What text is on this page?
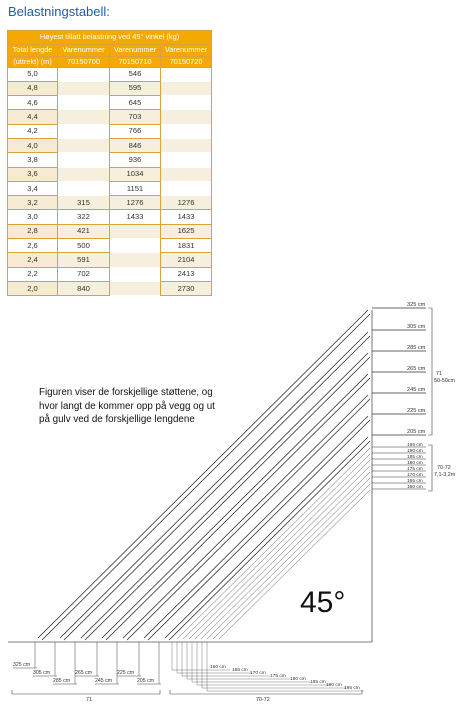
Belastningstabell:
Høyest tillatt belastning ved 45° vinkel (kg)			
Total lengde	Varenummer	Varenummer	Varenummer
(uttrekt) (m)	70150700	70150710	70150720
5,0		546	
4,8		595	
4,6		645	
4,4		703	
4,2		766	
4,0		846	
3,8		936	
3,6		1034	
3,4		1151	
3,2	315	1276	1276
3,0	322	1433	1433
2,8	421		1625
2,6	500		1831
2,4	591		2104
2,2	702		2413
2,0	840		2730
Figuren viser de forskjellige støttene, og hvor langt de kommer opp på vegg og ut på gulv ved de forskjellige lengdene
325 cm
305 cm
285 cm
265 cm
245 cm
225 cm
205 cm
195 cm
190 cm
185 cm
180 cm
175 cm
170 cm
165 cm
160 cm
71
50-50cm
70-72
7,1-3,2m
325 cm
305 cm
285 cm
265 cm
245 cm
225 cm
205 cm
71
160 cm
165 cm
170 cm
175 cm
180 cm
185 cm
190 cm
195 cm
70-72
45°
